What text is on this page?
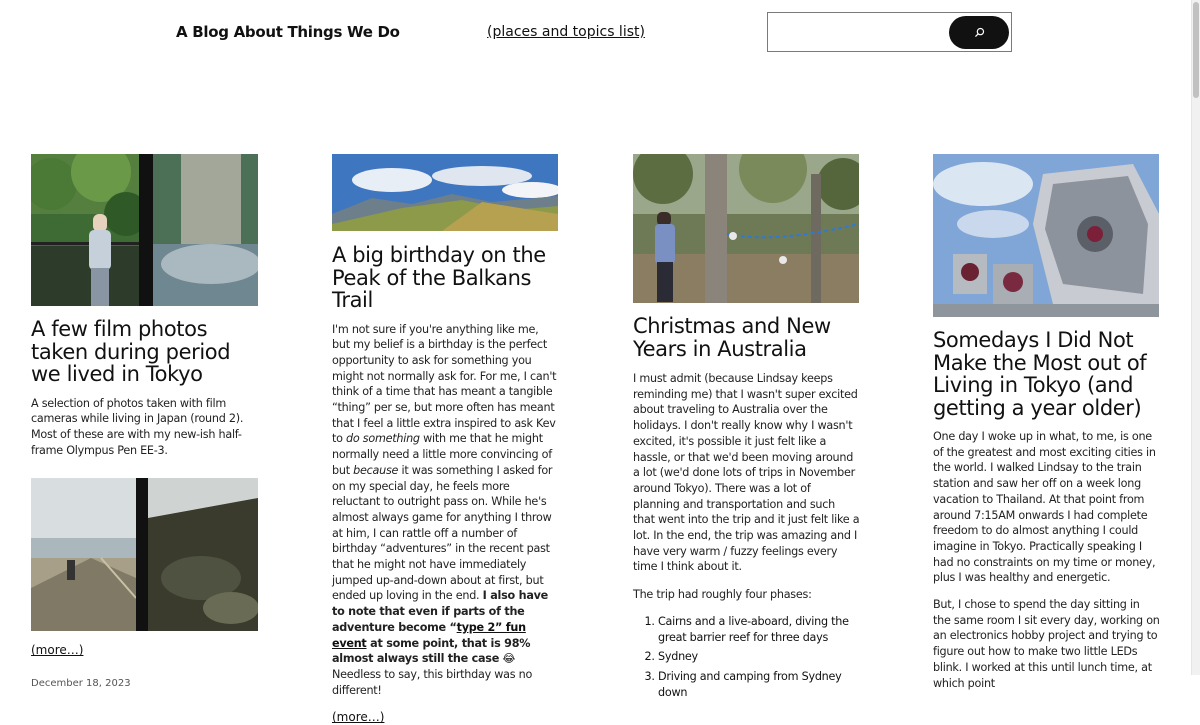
A Blog About Things We Do	(places and topics list)
A few film photos taken during period we lived in Tokyo

A selection of photos taken with film cameras while living in Japan (round 2). Most of these are with my new-ish half-frame Olympus Pen EE-3.

(more…)
December 18, 2023
A big birthday on the Peak of the Balkans Trail

I'm not sure if you're anything like me, but my belief is a birthday is the perfect opportunity to ask for something you might not normally ask for. For me, I can't think of a time that has meant a tangible “thing” per se, but more often has meant that I feel a little extra inspired to ask Kev to do something with me that he might normally need a little more convincing of but because it was something I asked for on my special day, he feels more reluctant to outright pass on. While he's almost always game for anything I throw at him, I can rattle off a number of birthday “adventures” in the recent past that he might not have immediately jumped up-and-down about at first, but ended up loving in the end. I also have to note that even if parts of the adventure become “type 2” fun event at some point, that is 98% almost always still the case 😂 Needless to say, this birthday was no different!

(more…)
Christmas and New Years in Australia

I must admit (because Lindsay keeps reminding me) that I wasn't super excited about traveling to Australia over the holidays. I don't really know why I wasn't excited, it's possible it just felt like a hassle, or that we'd been moving around a lot (we'd done lots of trips in November around Tokyo). There was a lot of planning and transportation and such that went into the trip and it just felt like a lot. In the end, the trip was amazing and I have very warm / fuzzy feelings every time I think about it.

The trip had roughly four phases:

1. Cairns and a live-aboard, diving the great barrier reef for three days
2. Sydney
3. Driving and camping from Sydney down
Somedays I Did Not Make the Most out of Living in Tokyo (and getting a year older)

One day I woke up in what, to me, is one of the greatest and most exciting cities in the world. I walked Lindsay to the train station and saw her off on a week long vacation to Thailand. At that point from around 7:15AM onwards I had complete freedom to do almost anything I could imagine in Tokyo. Practically speaking I had no constraints on my time or money, plus I was healthy and energetic.

But, I chose to spend the day sitting in the same room I sit every day, working on an electronics hobby project and trying to figure out how to make two little LEDs blink. I worked at this until lunch time, at which point
